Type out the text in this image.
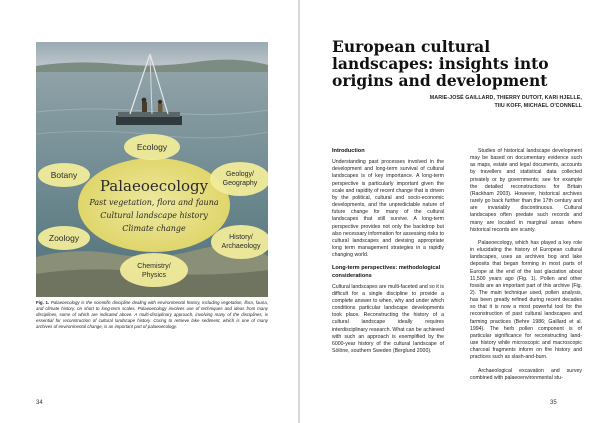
Ecology
Botany	Geology/
Geography
Zoology	History/
Archaeology
Chemistry/
Physics
Palaeoecology
Past vegetation, flora and fauna
Cultural landscape history
Climate change
Fig. 1. Palaeoecology is the scientific discipline dealing with environmental history, including vegetation, flora, fauna, and climate history, on short to long-term scales. Palaeoecology involves use of techniques and ideas from many disciplines, some of which are indicated above. A multi-disciplinary approach, involving many of the disciplines, is essential for reconstruction of cultural landscape history. Coring to retrieve lake sediment, which is one of many archives of environmental change, is an important part of palaeoecology.
34
European cultural landscapes: insights into origins and development
MARIE-JOSÉ GAILLARD, THIERRY DUTOIT, KARI HJELLE,
TIIU KOFF, MICHAEL O'CONNELL
Introduction

Understanding past processes involved in the development and long-term survival of cultural landscapes is of key importance. A long-term perspective is particularly important given the scale and rapidity of recent change that is driven by the political, cultural and socio-economic developments, and the unpredictable nature of future change for many of the cultural landscapes that still survive. A long-term perspective provides not only the backdrop but also necessary information for assessing risks to cultural landscapes and devising appropriate long term management strategies in a rapidly changing world.

Long-term perspectives: methodological considerations

Cultural landscapes are multi-faceted and so it is difficult for a single discipline to provide a complete answer to when, why and under which conditions particular landscape developments took place. Reconstructing the history of a cultural landscape ideally requires interdisciplinary research. What can be achieved with such an approach is exemplified by the 6000-year history of the cultural landscape of Sölöne, southern Sweden (Berglund 2000).

Studies of historical landscape development may be based on documentary evidence such as maps, estate and legal documents, accounts by travellers and statistical data collected privately or by governments; see for example the detailed reconstructions for Britain (Rackham 2003). However, historical archives rarely go back further than the 17th century and are invariably discontinuous. Cultural landscapes often predate such records and many are located in marginal areas where historical records are scanty.

Palaeoecology, which has played a key role in elucidating the history of European cultural landscapes, uses as archives bog and lake deposits that began forming in most parts of Europe at the end of the last glaciation about 11,500 years ago (Fig. 1). Pollen and other fossils are an important part of this archive (Fig. 2). The main technique used, pollen analysis, has been greatly refined during recent decades so that it is now a most powerful tool for the reconstruction of past cultural landscapes and farming practices (Behre 1986; Gaillard et al. 1994). The herb pollen component is of particular significance for reconstructing land-use history while microscopic and macroscopic charcoal fragments inform on fire history and practices such as slash-and-burn.

Archaeological excavation and survey combined with palaeoenvironmental stu-

35
